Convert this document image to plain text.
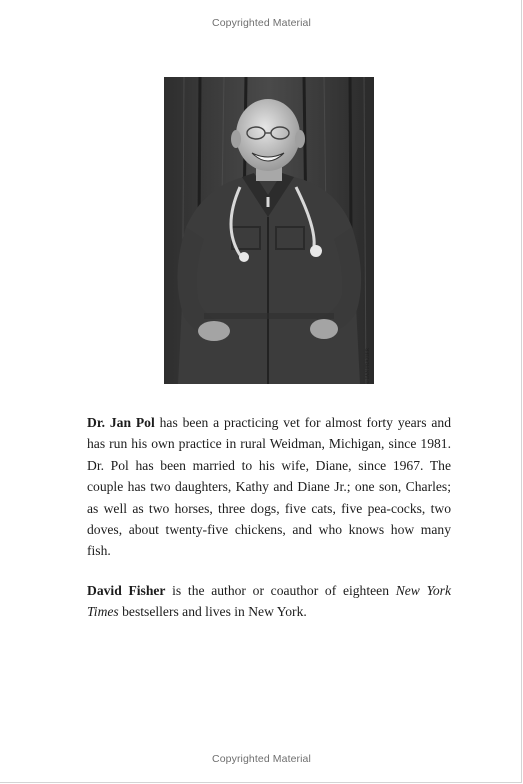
Copyrighted Material
© IAN FRAZIER

Dr. Jan Pol has been a practicing vet for almost forty years and has run his own practice in rural Weidman, Michigan, since 1981. Dr. Pol has been married to his wife, Diane, since 1967. The couple has two daughters, Kathy and Diane Jr.; one son, Charles; as well as two horses, three dogs, five cats, five pea-cocks, two doves, about twenty-five chickens, and who knows how many fish.

David Fisher is the author or coauthor of eighteen New York Times bestsellers and lives in New York.

Copyrighted Material
